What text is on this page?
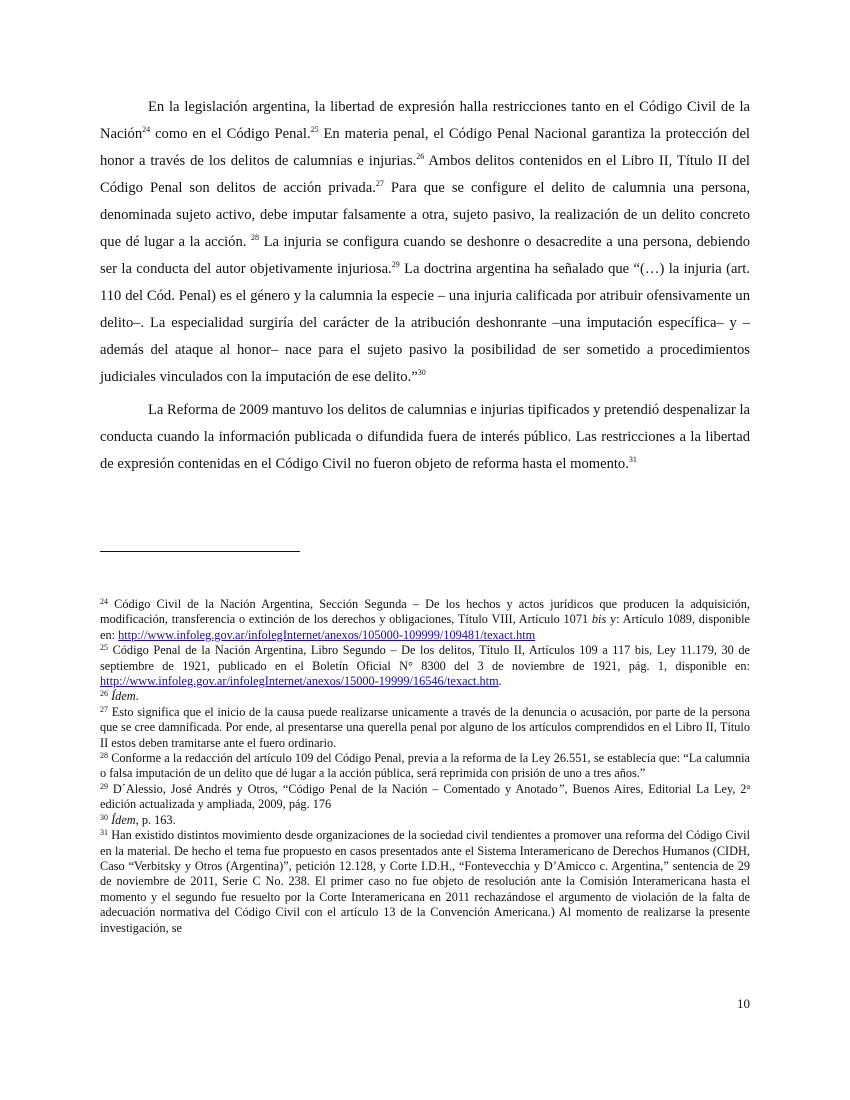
En la legislación argentina, la libertad de expresión halla restricciones tanto en el Código Civil de la Nación$^{24}$ como en el Código Penal.$^{25}$ En materia penal, el Código Penal Nacional garantiza la protección del honor a través de los delitos de calumnias e injurias.$^{26}$ Ambos delitos contenidos en el Libro II, Título II del Código Penal son delitos de acción privada.$^{27}$ Para que se configure el delito de calumnia una persona, denominada sujeto activo, debe imputar falsamente a otra, sujeto pasivo, la realización de un delito concreto que dé lugar a la acción. $^{28}$ La injuria se configura cuando se deshonre o desacredite a una persona, debiendo ser la conducta del autor objetivamente injuriosa.$^{29}$ La doctrina argentina ha señalado que “(…) la injuria (art. 110 del Cód. Penal) es el género y la calumnia la especie – una injuria calificada por atribuir ofensivamente un delito–. La especialidad surgiría del carácter de la atribución deshonrante –una imputación específica– y –además del ataque al honor– nace para el sujeto pasivo la posibilidad de ser sometido a procedimientos judiciales vinculados con la imputación de ese delito.”$^{30}$

La Reforma de 2009 mantuvo los delitos de calumnias e injurias tipificados y pretendió despenalizar la conducta cuando la información publicada o difundida fuera de interés público. Las restricciones a la libertad de expresión contenidas en el Código Civil no fueron objeto de reforma hasta el momento.$^{31}$

$^{24}$ Código Civil de la Nación Argentina, Sección Segunda – De los hechos y actos jurídicos que producen la adquisición, modificación, transferencia o extinción de los derechos y obligaciones, Título VIII, Artículo 1071 bis y: Artículo 1089, disponible en: http://www.infoleg.gov.ar/infolegInternet/anexos/105000-109999/109481/texact.htm

$^{25}$ Código Penal de la Nación Argentina, Libro Segundo – De los delitos, Título II, Artículos 109 a 117 bis, Ley 11.179, 30 de septiembre de 1921, publicado en el Boletín Oficial N° 8300 del 3 de noviembre de 1921, pág. 1, disponible en: http://www.infoleg.gov.ar/infolegInternet/anexos/15000-19999/16546/texact.htm.

$^{26}$ Ídem.

$^{27}$ Esto significa que el inicio de la causa puede realizarse unicamente a través de la denuncia o acusación, por parte de la persona que se cree damnificada. Por ende, al presentarse una querella penal por alguno de los artículos comprendidos en el Libro II, Título II estos deben tramitarse ante el fuero ordinario.

$^{28}$ Conforme a la redacción del artículo 109 del Código Penal, previa a la reforma de la Ley 26.551, se establecía que: “La calumnia o falsa imputación de un delito que dé lugar a la acción pública, será reprimida con prisión de uno a tres años.”

$^{29}$ D´Alessio, José Andrés y Otros, “Código Penal de la Nación – Comentado y Anotado”, Buenos Aires, Editorial La Ley, 2$^a$ edición actualizada y ampliada, 2009, pág. 176

$^{30}$ Ídem, p. 163.

$^{31}$ Han existido distintos movimiento desde organizaciones de la sociedad civil tendientes a promover una reforma del Código Civil en la material. De hecho el tema fue propuesto en casos presentados ante el Sistema Interamericano de Derechos Humanos (CIDH, Caso “Verbitsky y Otros (Argentina)”, petición 12.128, y Corte I.D.H., “Fontevecchia y D’Amicco c. Argentina,” sentencia de 29 de noviembre de 2011, Serie C No. 238. El primer caso no fue objeto de resolución ante la Comisión Interamericana hasta el momento y el segundo fue resuelto por la Corte Interamericana en 2011 rechazándose el argumento de violación de la falta de adecuación normativa del Código Civil con el artículo 13 de la Convención Americana.) Al momento de realizarse la presente investigación, se

10
